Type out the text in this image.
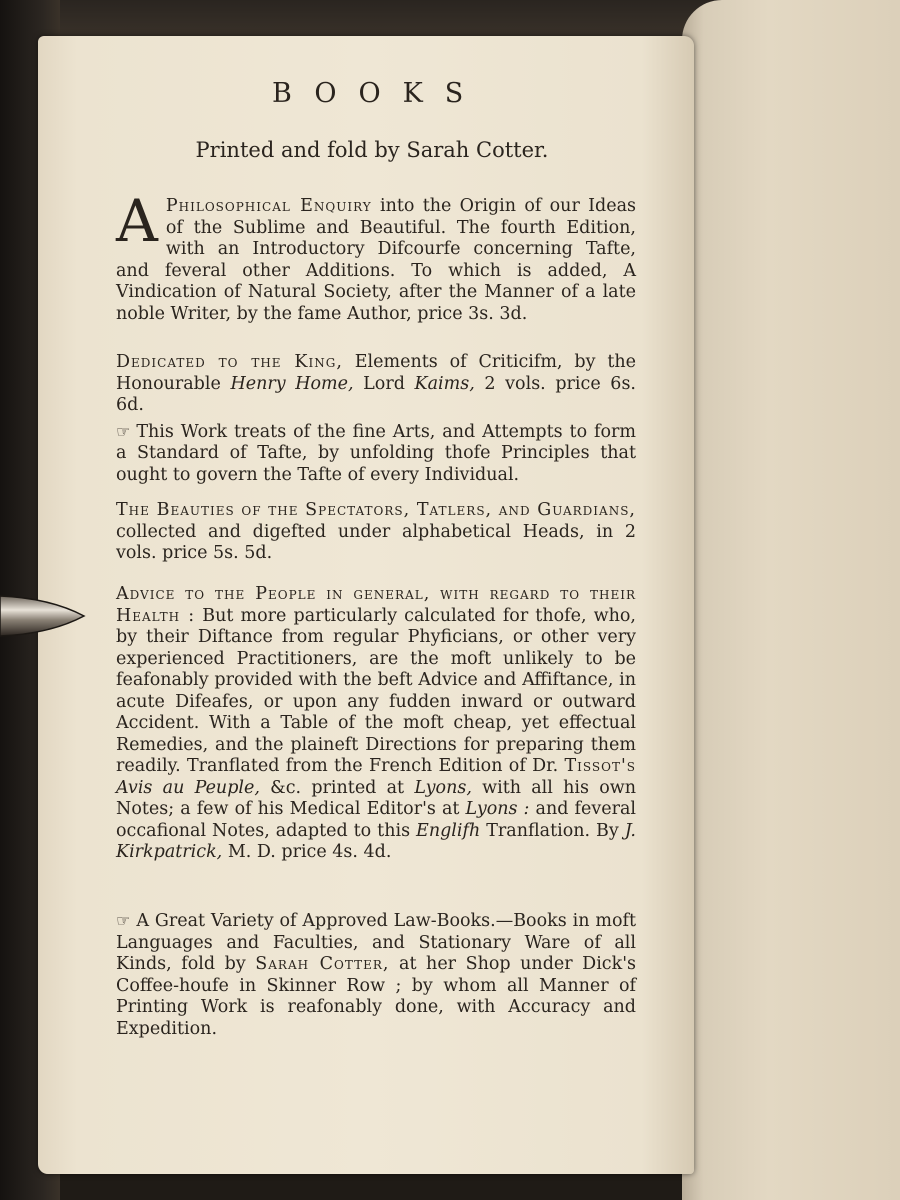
BOOKS
Printed and fold by Sarah Cotter.
A Philosophical Enquiry into the Origin of our Ideas of the Sublime and Beautiful. The fourth Edition, with an Introductory Difcourfe concerning Tafte, and feveral other Additions. To which is added, A Vindication of Natural Society, after the Manner of a late noble Writer, by the fame Author, price 3s. 3d.
Dedicated to the King, Elements of Criticifm, by the Honourable Henry Home, Lord Kaims, 2 vols. price 6s. 6d.
☞ This Work treats of the fine Arts, and Attempts to form a Standard of Tafte, by unfolding thofe Principles that ought to govern the Tafte of every Individual.
The Beauties of the Spectators, Tatlers, and Guardians, collected and digefted under alphabetical Heads, in 2 vols. price 5s. 5d.
Advice to the People in general, with regard to their Health : But more particularly calculated for thofe, who, by their Diftance from regular Phyficians, or other very experienced Practitioners, are the moft unlikely to be feafonably provided with the beft Advice and Affiftance, in acute Difeafes, or upon any fudden inward or outward Accident. With a Table of the moft cheap, yet effectual Remedies, and the plaineft Directions for preparing them readily. Tranflated from the French Edition of Dr. Tissot's Avis au Peuple, &c. printed at Lyons, with all his own Notes; a few of his Medical Editor's at Lyons : and feveral occafional Notes, adapted to this Englifh Tranflation. By J. Kirkpatrick, M. D. price 4s. 4d.
☞ A Great Variety of Approved Law-Books.—Books in moft Languages and Faculties, and Stationary Ware of all Kinds, fold by Sarah Cotter, at her Shop under Dick's Coffee-houfe in Skinner Row ; by whom all Manner of Printing Work is reafonably done, with Accuracy and Expedition.
